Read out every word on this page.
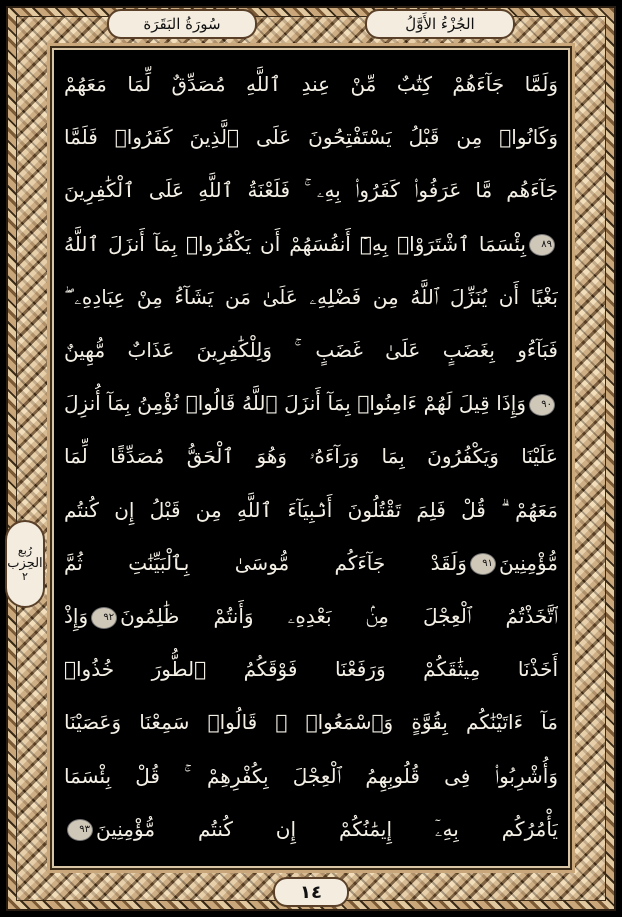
سُورَةُ البَقَرَة	الجُزْءُ الأَوَّلُ
رُبع
الحِزب
٢
وَلَمَّا جَآءَهُمْ كِتَٰبٌ مِّنْ عِندِ ٱللَّهِ مُصَدِّقٌ لِّمَا مَعَهُمْ
وَكَانُوا۟ مِن قَبْلُ يَسْتَفْتِحُونَ عَلَى ٱلَّذِينَ كَفَرُوا۟ فَلَمَّا
جَآءَهُم مَّا عَرَفُوا۟ كَفَرُوا۟ بِهِۦ ۚ فَلَعْنَةُ ٱللَّهِ عَلَى ٱلْكَٰفِرِينَ
٨٩بِئْسَمَا ٱشْتَرَوْا۟ بِهِۦٓ أَنفُسَهُمْ أَن يَكْفُرُوا۟ بِمَآ أَنزَلَ ٱللَّهُ
بَغْيًا أَن يُنَزِّلَ ٱللَّهُ مِن فَضْلِهِۦ عَلَىٰ مَن يَشَآءُ مِنْ عِبَادِهِۦ ۖ
فَبَآءُو بِغَضَبٍ عَلَىٰ غَضَبٍ ۚ وَلِلْكَٰفِرِينَ عَذَابٌ مُّهِينٌ
٩٠وَإِذَا قِيلَ لَهُمْ ءَامِنُوا۟ بِمَآ أَنزَلَ ٱللَّهُ قَالُوا۟ نُؤْمِنُ بِمَآ أُنزِلَ
عَلَيْنَا وَيَكْفُرُونَ بِمَا وَرَآءَهُۥ وَهُوَ ٱلْحَقُّ مُصَدِّقًا لِّمَا
مَعَهُمْ ۗ قُلْ فَلِمَ تَقْتُلُونَ أَنۢبِيَآءَ ٱللَّهِ مِن قَبْلُ إِن كُنتُم
مُّؤْمِنِينَ٩١وَلَقَدْ جَآءَكُم مُّوسَىٰ بِٱلْبَيِّنَٰتِ ثُمَّ
ٱتَّخَذْتُمُ ٱلْعِجْلَ مِنۢ بَعْدِهِۦ وَأَنتُمْ ظَٰلِمُونَ٩٢وَإِذْ
أَخَذْنَا مِيثَٰقَكُمْ وَرَفَعْنَا فَوْقَكُمُ ٱلطُّورَ خُذُوا۟
مَآ ءَاتَيْنَٰكُم بِقُوَّةٍ وَٱسْمَعُوا۟ ۖ قَالُوا۟ سَمِعْنَا وَعَصَيْنَا
وَأُشْرِبُوا۟ فِى قُلُوبِهِمُ ٱلْعِجْلَ بِكُفْرِهِمْ ۚ قُلْ بِئْسَمَا
يَأْمُرُكُم بِهِۦٓ إِيمَٰنُكُمْ إِن كُنتُم مُّؤْمِنِينَ٩٣
١٤
